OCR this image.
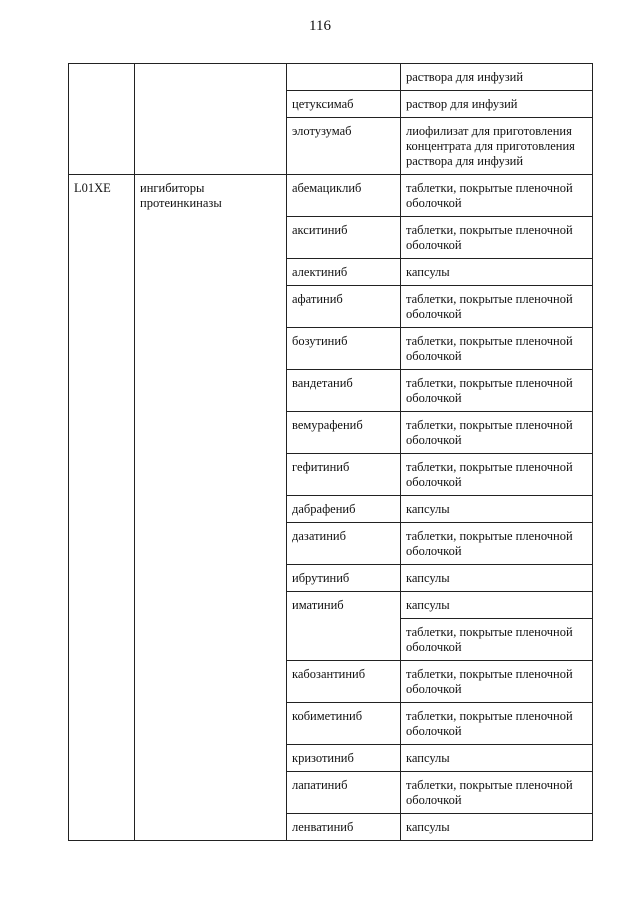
116
			раствора для инфузий
		цетуксимаб	раствор для инфузий
		элотузумаб	лиофилизат для приготовления концентрата для приготовления раствора для инфузий
L01XE	ингибиторы протеинкиназы	абемациклиб	таблетки, покрытые пленочной оболочкой
		акситиниб	таблетки, покрытые пленочной оболочкой
		алектиниб	капсулы
		афатиниб	таблетки, покрытые пленочной оболочкой
		бозутиниб	таблетки, покрытые пленочной оболочкой
		вандетаниб	таблетки, покрытые пленочной оболочкой
		вемурафениб	таблетки, покрытые пленочной оболочкой
		гефитиниб	таблетки, покрытые пленочной оболочкой
		дабрафениб	капсулы
		дазатиниб	таблетки, покрытые пленочной оболочкой
		ибрутиниб	капсулы
		иматиниб	капсулы
			таблетки, покрытые пленочной оболочкой
		кабозантиниб	таблетки, покрытые пленочной оболочкой
		кобиметиниб	таблетки, покрытые пленочной оболочкой
		кризотиниб	капсулы
		лапатиниб	таблетки, покрытые пленочной оболочкой
		ленватиниб	капсулы
